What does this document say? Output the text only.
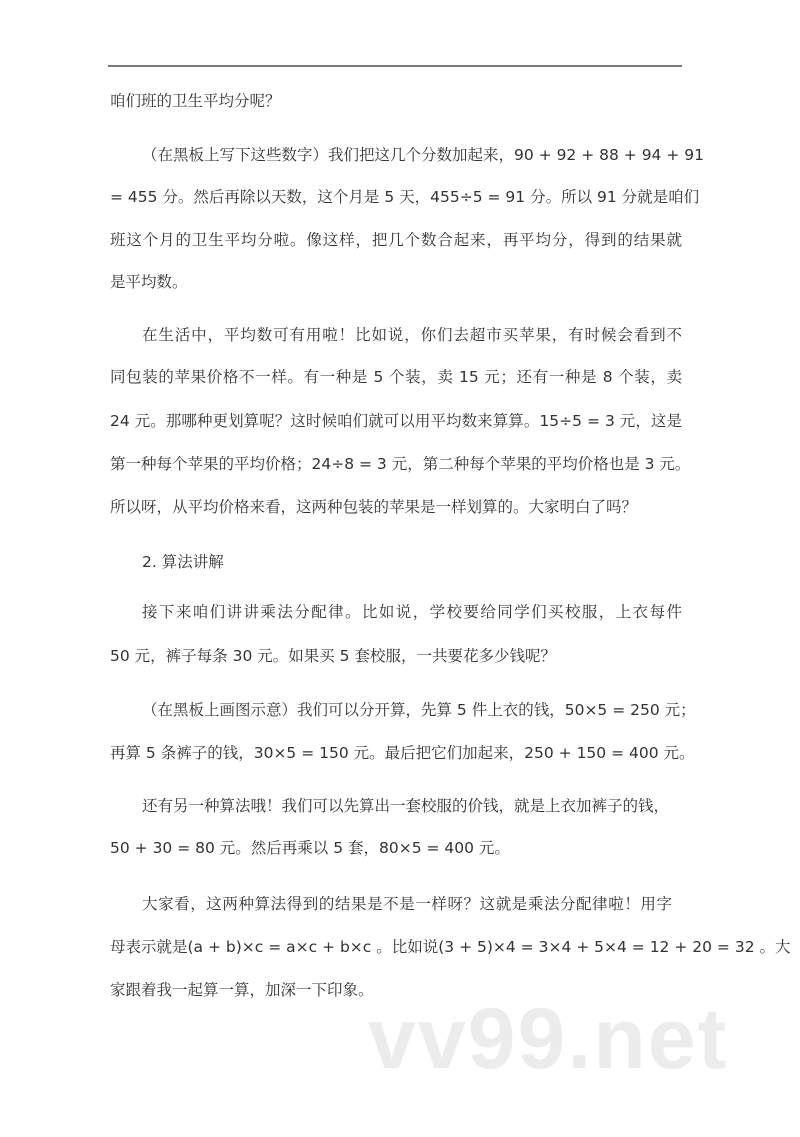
咱们班的卫生平均分呢？
（在黑板上写下这些数字）我们把这几个分数加起来，90 + 92 + 88 + 94 + 91
= 455 分。然后再除以天数，这个月是 5 天，455÷5 = 91 分。所以 91 分就是咱们
班这个月的卫生平均分啦。像这样，把几个数合起来，再平均分，得到的结果就
是平均数。
在生活中，平均数可有用啦！比如说，你们去超市买苹果，有时候会看到不
同包装的苹果价格不一样。有一种是 5 个装，卖 15 元；还有一种是 8 个装，卖
24 元。那哪种更划算呢？这时候咱们就可以用平均数来算算。15÷5 = 3 元，这是
第一种每个苹果的平均价格；24÷8 = 3 元，第二种每个苹果的平均价格也是 3 元。
所以呀，从平均价格来看，这两种包装的苹果是一样划算的。大家明白了吗？
2. 算法讲解
接下来咱们讲讲乘法分配律。比如说，学校要给同学们买校服，上衣每件
50 元，裤子每条 30 元。如果买 5 套校服，一共要花多少钱呢？
（在黑板上画图示意）我们可以分开算，先算 5 件上衣的钱，50×5 = 250 元；
再算 5 条裤子的钱，30×5 = 150 元。最后把它们加起来，250 + 150 = 400 元。
还有另一种算法哦！我们可以先算出一套校服的价钱，就是上衣加裤子的钱，
50 + 30 = 80 元。然后再乘以 5 套，80×5 = 400 元。
大家看，这两种算法得到的结果是不是一样呀？这就是乘法分配律啦！用字
母表示就是(a + b)×c = a×c + b×c 。比如说(3 + 5)×4 = 3×4 + 5×4 = 12 + 20 = 32 。大
家跟着我一起算一算，加深一下印象。
vv99.net
